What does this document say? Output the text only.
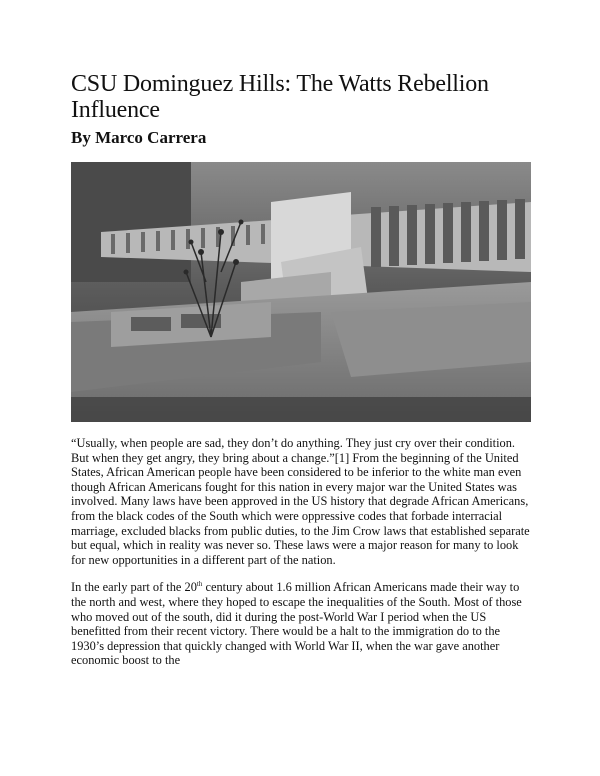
CSU Dominguez Hills: The Watts Rebellion Influence
By Marco Carrera

“Usually, when people are sad, they don’t do anything. They just cry over their condition. But when they get angry, they bring about a change.”[1] From the beginning of the United States, African American people have been considered to be inferior to the white man even though African Americans fought for this nation in every major war the United States was involved. Many laws have been approved in the US history that degrade African Americans, from the black codes of the South which were oppressive codes that forbade interracial marriage, excluded blacks from public duties, to the Jim Crow laws that established separate but equal, which in reality was never so. These laws were a major reason for many to look for new opportunities in a different part of the nation.

In the early part of the 20th century about 1.6 million African Americans made their way to the north and west, where they hoped to escape the inequalities of the South. Most of those who moved out of the south, did it during the post-World War I period when the US benefitted from their recent victory. There would be a halt to the immigration do to the 1930’s depression that quickly changed with World War II, when the war gave another economic boost to the
